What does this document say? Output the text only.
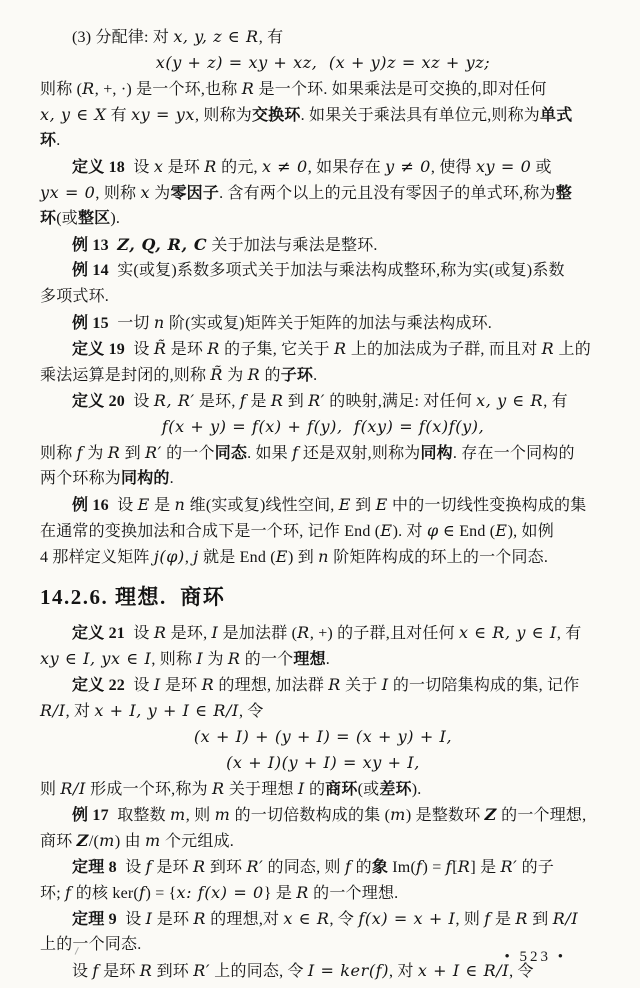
(3) 分配律: 对 x, y, z ∈ R, 有
x(y + z) = xy + xz,  (x + y)z = xz + yz;
则称 (R, +, ·) 是一个环,也称 R 是一个环. 如果乘法是可交换的,即对任何
x, y ∈ X 有 xy = yx, 则称为交换环. 如果关于乘法具有单位元,则称为单式
环.
定义 18  设 x 是环 R 的元, x ≠ 0, 如果存在 y ≠ 0, 使得 xy = 0 或
yx = 0, 则称 x 为零因子. 含有两个以上的元且没有零因子的单式环,称为整
环(或整区).
例 13 Z, Q, R, C 关于加法与乘法是整环.
例 14  实(或复)系数多项式关于加法与乘法构成整环,称为实(或复)系数
多项式环.
例 15  一切 n 阶(实或复)矩阵关于矩阵的加法与乘法构成环.
定义 19  设 R̃ 是环 R 的子集, 它关于 R 上的加法成为子群, 而且对 R 上的
乘法运算是封闭的,则称 R̃ 为 R 的子环.
定义 20  设 R, R′ 是环, f 是 R 到 R′ 的映射,满足: 对任何 x, y ∈ R, 有
f(x + y) = f(x) + f(y),  f(xy) = f(x)f(y),
则称 f 为 R 到 R′ 的一个同态. 如果 f 还是双射,则称为同构. 存在一个同构的
两个环称为同构的.
例 16  设 E 是 n 维(实或复)线性空间, E 到 E 中的一切线性变换构成的集
在通常的变换加法和合成下是一个环, 记作 End (E). 对 φ ∈ End (E), 如例
4 那样定义矩阵 j(φ), j 就是 End (E) 到 n 阶矩阵构成的环上的一个同态.
14.2.6. 理想.  商环
定义 21  设 R 是环, I 是加法群 (R, +) 的子群,且对任何 x ∈ R, y ∈ I, 有
xy ∈ I, yx ∈ I, 则称 I 为 R 的一个理想.
定义 22  设 I 是环 R 的理想, 加法群 R 关于 I 的一切陪集构成的集, 记作
R/I, 对 x + I, y + I ∈ R/I, 令
(x + I) + (y + I) = (x + y) + I,
(x + I)(y + I) = xy + I,
则 R/I 形成一个环,称为 R 关于理想 I 的商环(或差环).
例 17  取整数 m, 则 m 的一切倍数构成的集 (m) 是整数环 Z 的一个理想,
商环 Z/(m) 由 m 个元组成.
定理 8  设 f 是环 R 到环 R′ 的同态, 则 f 的象 Im(f) = f[R] 是 R′ 的子
环; f 的核 ker(f) = {x: f(x) = 0} 是 R 的一个理想.
定理 9  设 I 是环 R 的理想,对 x ∈ R, 令 f(x) = x + I, 则 f 是 R 到 R/I
上的一个同态.
设 f 是环 R 到环 R′ 上的同态, 令 I = ker(f), 对 x + I ∈ R/I, 令
• 523 •
